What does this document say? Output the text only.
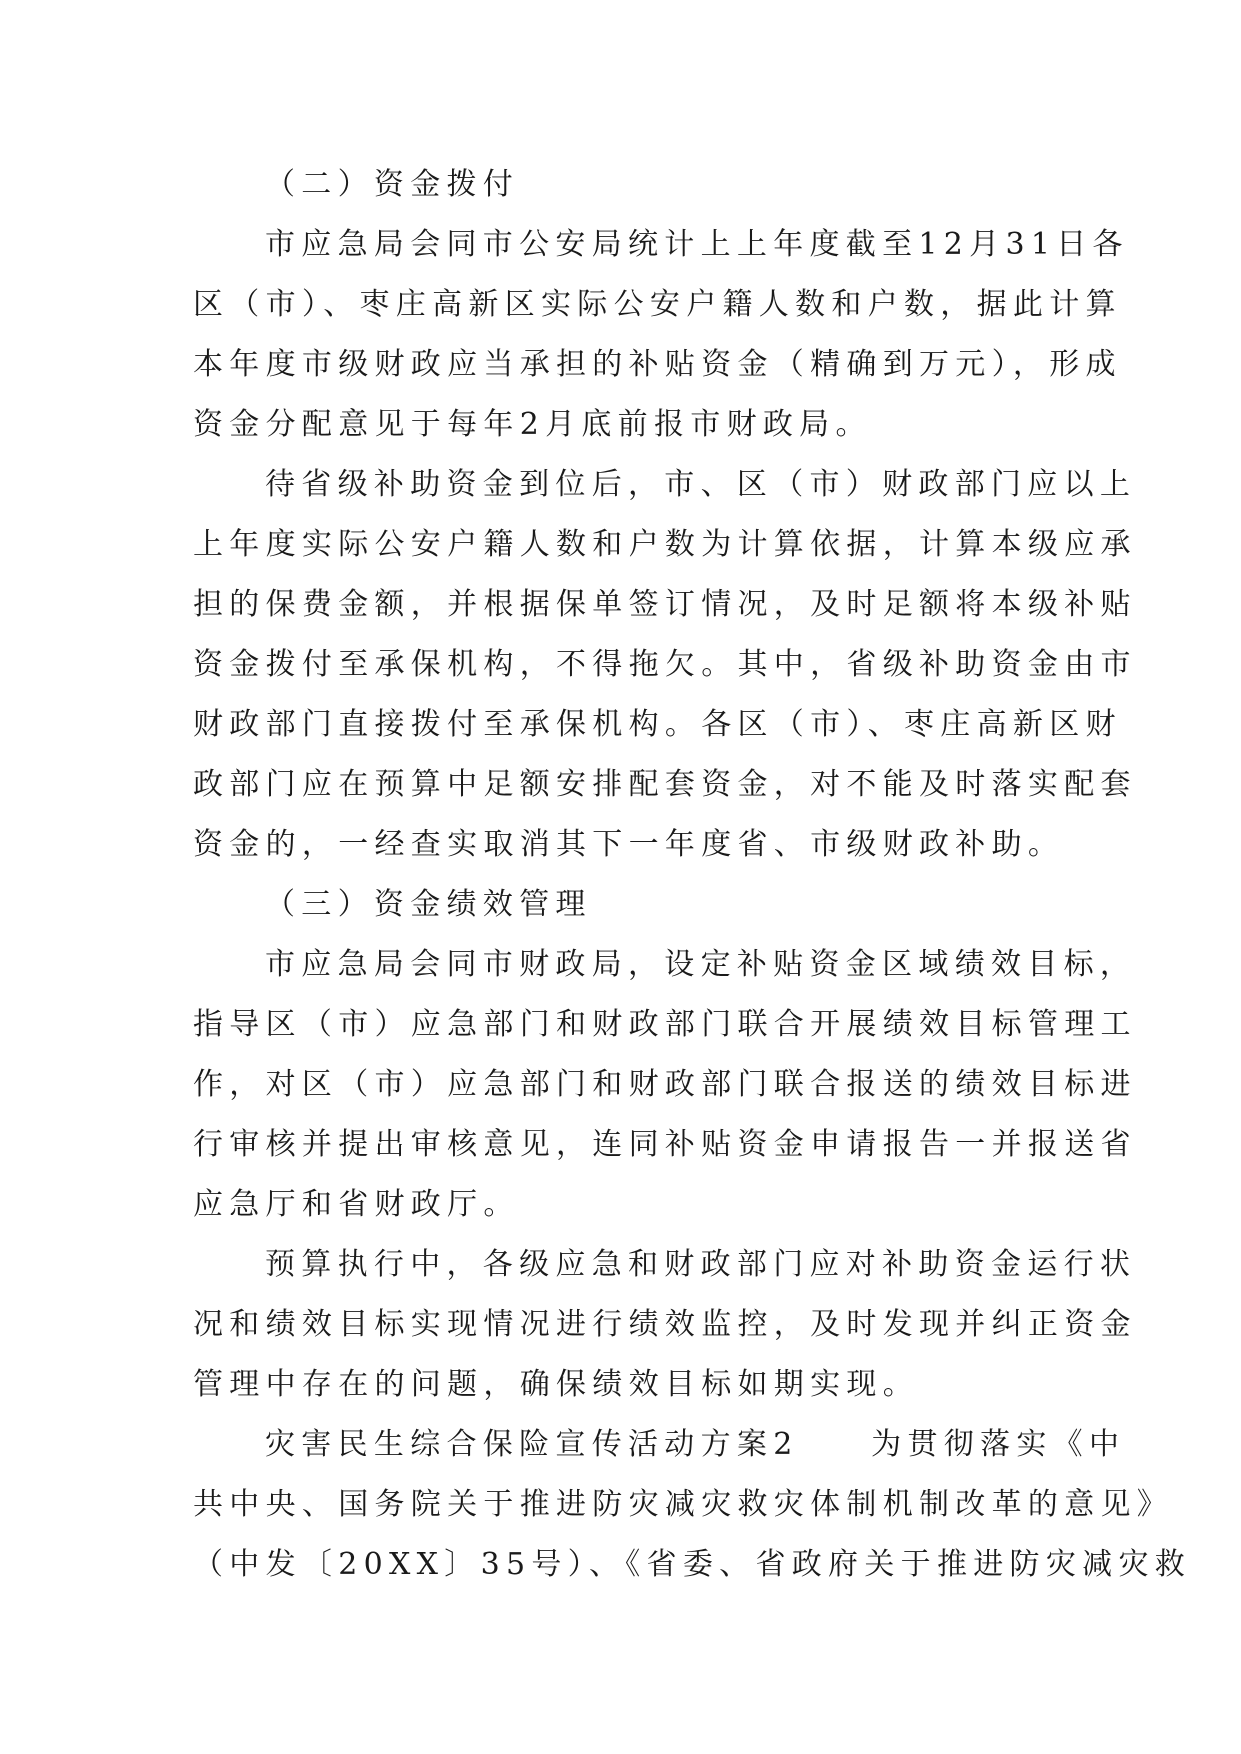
（二）资金拨付
市应急局会同市公安局统计上上年度截至12月31日各
区（市）、枣庄高新区实际公安户籍人数和户数，据此计算
本年度市级财政应当承担的补贴资金（精确到万元），形成
资金分配意见于每年2月底前报市财政局。
待省级补助资金到位后，市、区（市）财政部门应以上
上年度实际公安户籍人数和户数为计算依据，计算本级应承
担的保费金额，并根据保单签订情况，及时足额将本级补贴
资金拨付至承保机构，不得拖欠。其中，省级补助资金由市
财政部门直接拨付至承保机构。各区（市）、枣庄高新区财
政部门应在预算中足额安排配套资金，对不能及时落实配套
资金的，一经查实取消其下一年度省、市级财政补助。
（三）资金绩效管理
市应急局会同市财政局，设定补贴资金区域绩效目标，
指导区（市）应急部门和财政部门联合开展绩效目标管理工
作，对区（市）应急部门和财政部门联合报送的绩效目标进
行审核并提出审核意见，连同补贴资金申请报告一并报送省
应急厅和省财政厅。
预算执行中，各级应急和财政部门应对补助资金运行状
况和绩效目标实现情况进行绩效监控，及时发现并纠正资金
管理中存在的问题，确保绩效目标如期实现。
灾害民生综合保险宣传活动方案2　　为贯彻落实《中
共中央、国务院关于推进防灾减灾救灾体制机制改革的意见》
（中发〔20XX〕35号）、《省委、省政府关于推进防灾减灾救
